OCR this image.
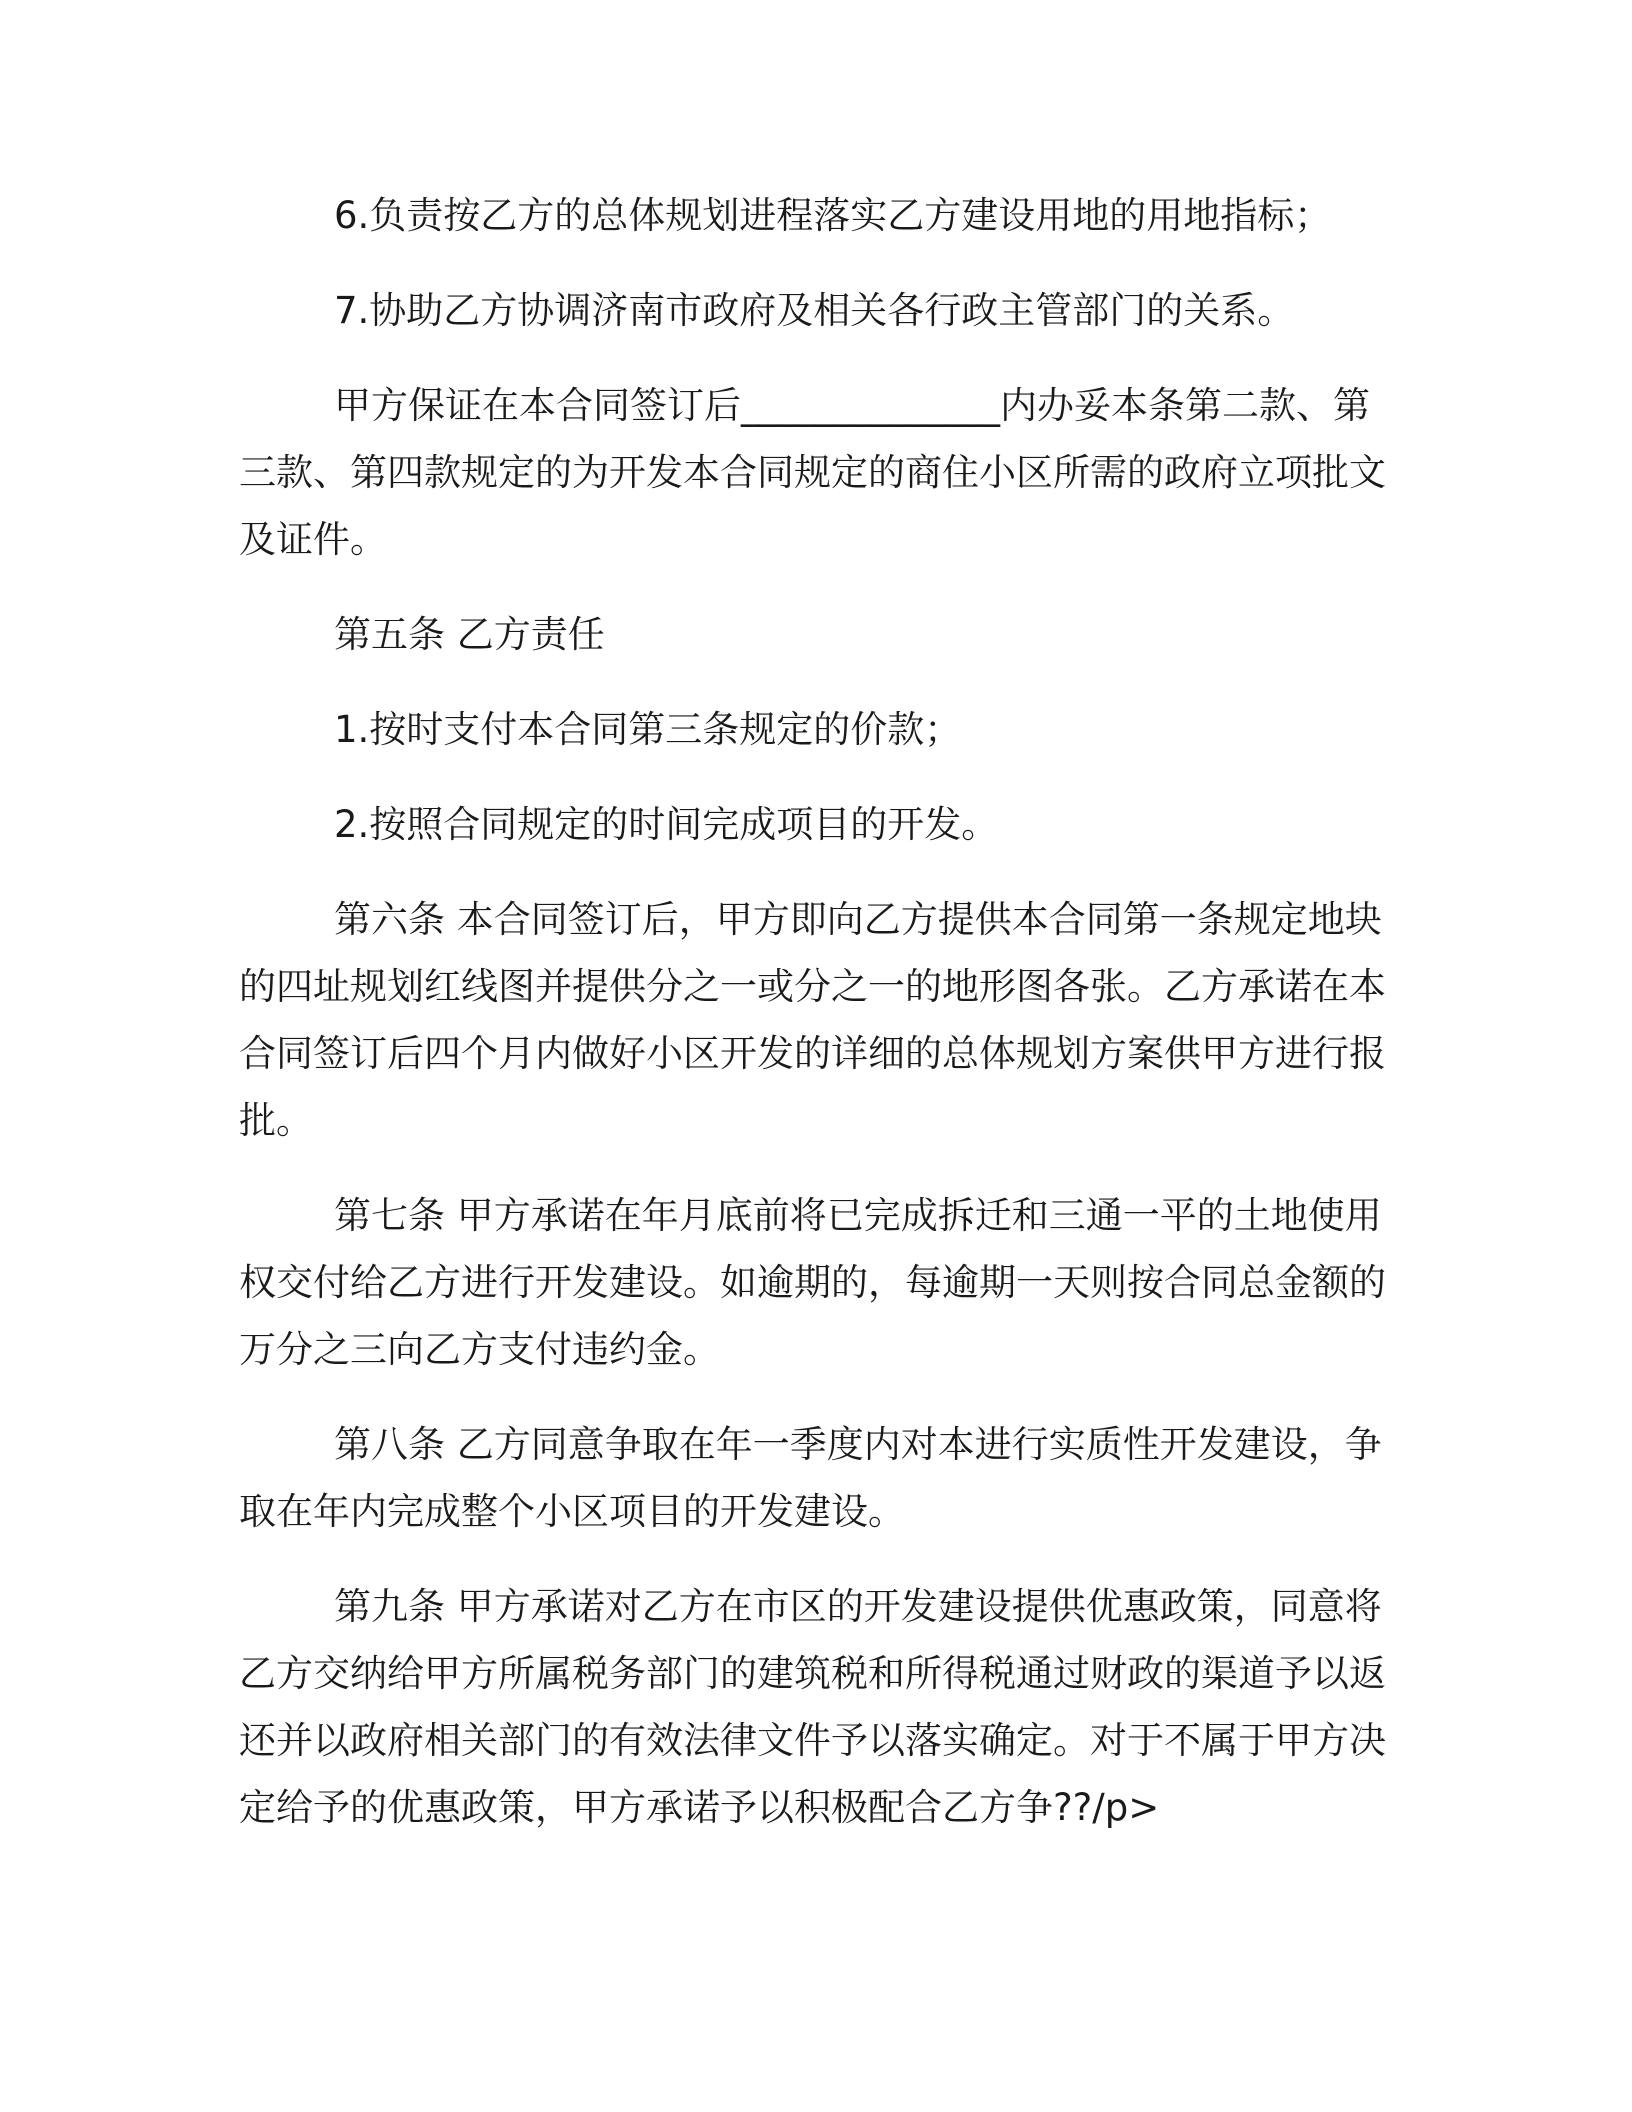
6.负责按乙方的总体规划进程落实乙方建设用地的用地指标；

7.协助乙方协调济南市政府及相关各行政主管部门的关系。

甲方保证在本合同签订后______________内办妥本条第二款、第三款、第四款规定的为开发本合同规定的商住小区所需的政府立项批文及证件。

第五条 乙方责任

1.按时支付本合同第三条规定的价款；

2.按照合同规定的时间完成项目的开发。

第六条 本合同签订后，甲方即向乙方提供本合同第一条规定地块的四址规划红线图并提供分之一或分之一的地形图各张。乙方承诺在本合同签订后四个月内做好小区开发的详细的总体规划方案供甲方进行报批。

第七条 甲方承诺在年月底前将已完成拆迁和三通一平的土地使用权交付给乙方进行开发建设。如逾期的，每逾期一天则按合同总金额的万分之三向乙方支付违约金。

第八条 乙方同意争取在年一季度内对本进行实质性开发建设，争取在年内完成整个小区项目的开发建设。

第九条 甲方承诺对乙方在市区的开发建设提供优惠政策，同意将乙方交纳给甲方所属税务部门的建筑税和所得税通过财政的渠道予以返还并以政府相关部门的有效法律文件予以落实确定。对于不属于甲方决定给予的优惠政策，甲方承诺予以积极配合乙方争??/p>
